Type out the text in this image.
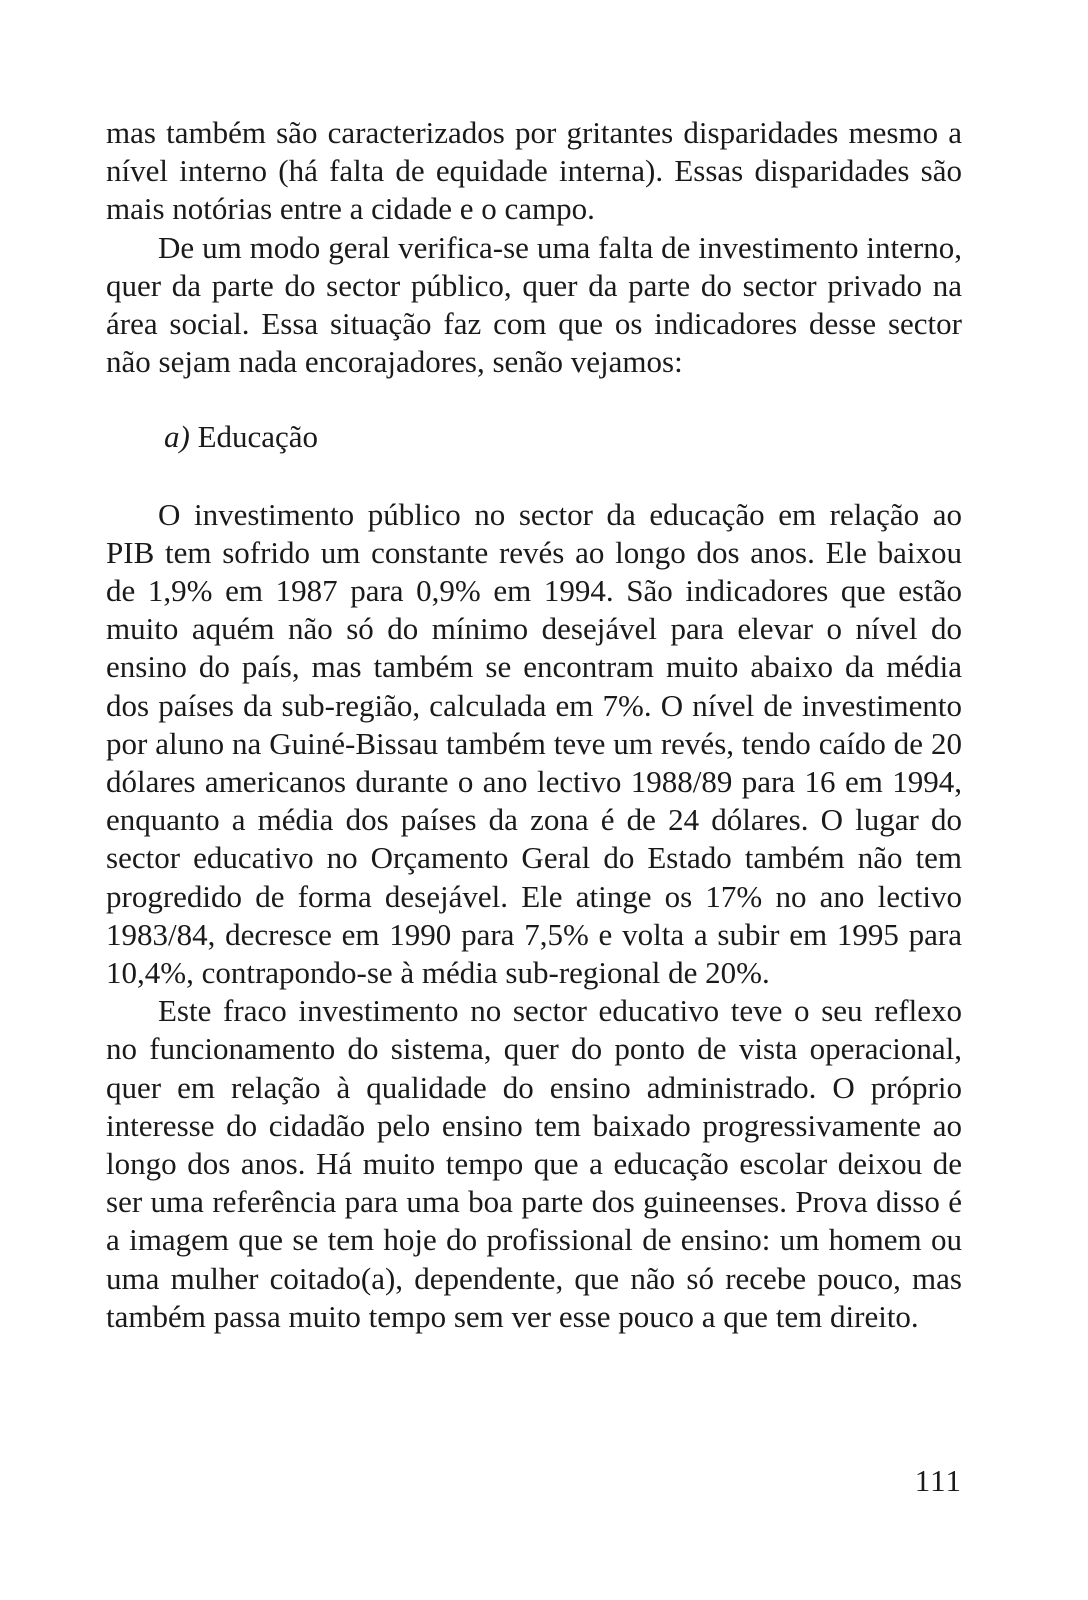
mas também são caracterizados por gritantes disparidades mesmo a nível interno (há falta de equidade interna). Essas disparidades são mais notórias entre a cidade e o campo.

De um modo geral verifica-se uma falta de investimento interno, quer da parte do sector público, quer da parte do sector privado na área social. Essa situação faz com que os indicadores desse sector não sejam nada encorajadores, senão vejamos:

a) Educação

O investimento público no sector da educação em relação ao PIB tem sofrido um constante revés ao longo dos anos. Ele baixou de 1,9% em 1987 para 0,9% em 1994. São indicadores que estão muito aquém não só do mínimo desejável para elevar o nível do ensino do país, mas também se encontram muito abaixo da média dos países da sub-região, calculada em 7%. O nível de investimento por aluno na Guiné-Bissau também teve um revés, tendo caído de 20 dólares americanos durante o ano lectivo 1988/89 para 16 em 1994, enquanto a média dos países da zona é de 24 dólares. O lugar do sector educativo no Orçamento Geral do Estado também não tem progredido de forma desejável. Ele atinge os 17% no ano lectivo 1983/84, decresce em 1990 para 7,5% e volta a subir em 1995 para 10,4%, contrapondo-se à média sub-regional de 20%.

Este fraco investimento no sector educativo teve o seu reflexo no funcionamento do sistema, quer do ponto de vista operacional, quer em relação à qualidade do ensino administrado. O próprio interesse do cidadão pelo ensino tem baixado progressivamente ao longo dos anos. Há muito tempo que a educação escolar deixou de ser uma referência para uma boa parte dos guineenses. Prova disso é a imagem que se tem hoje do profissional de ensino: um homem ou uma mulher coitado(a), dependente, que não só recebe pouco, mas também passa muito tempo sem ver esse pouco a que tem direito.

111
